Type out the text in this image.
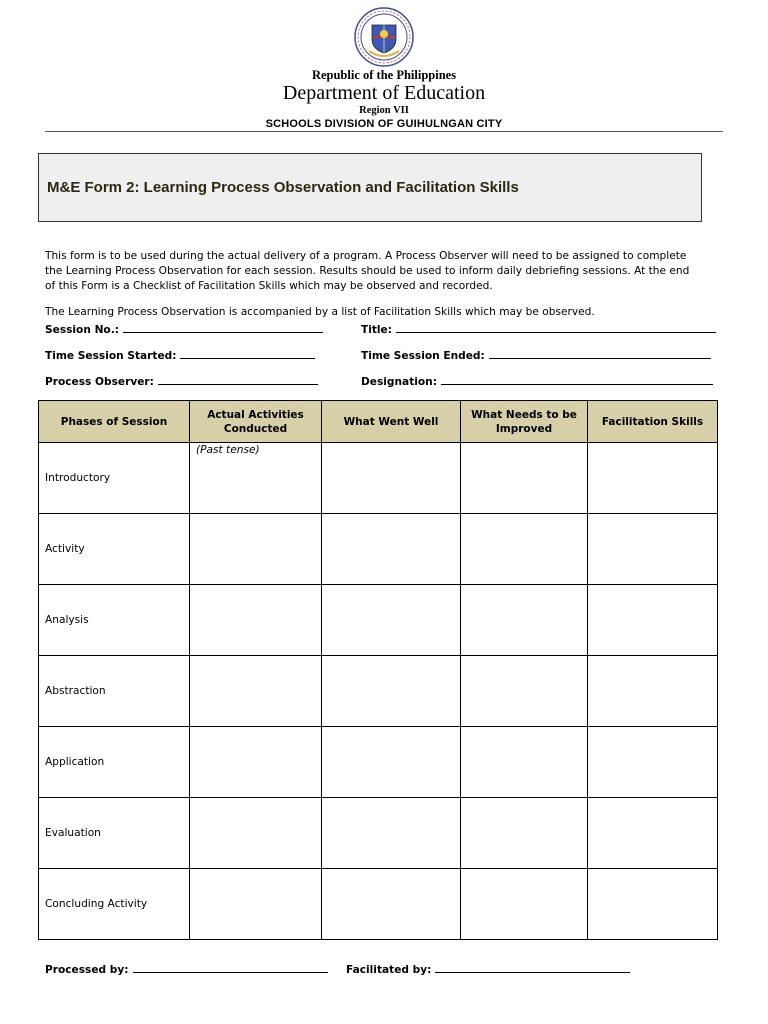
Republic of the Philippines
Department of Education
Region VII
SCHOOLS DIVISION OF GUIHULNGAN CITY
M&E Form 2: Learning Process Observation and Facilitation Skills
This form is to be used during the actual delivery of a program. A Process Observer will need to be assigned to complete
the Learning Process Observation for each session. Results should be used to inform daily debriefing sessions. At the end
of this Form is a Checklist of Facilitation Skills which may be observed and recorded.
The Learning Process Observation is accompanied by a list of Facilitation Skills which may be observed.
Session No.:	Title:
Time Session Started:	Time Session Ended:
Process Observer:	Designation:
Phases of Session	Actual Activities Conducted	What Went Well	What Needs to be Improved	Facilitation Skills
Introductory	(Past tense)			

Activity				
Analysis				
Abstraction				
Application				
Evaluation				
Concluding Activity				
Processed by:	Facilitated by:
